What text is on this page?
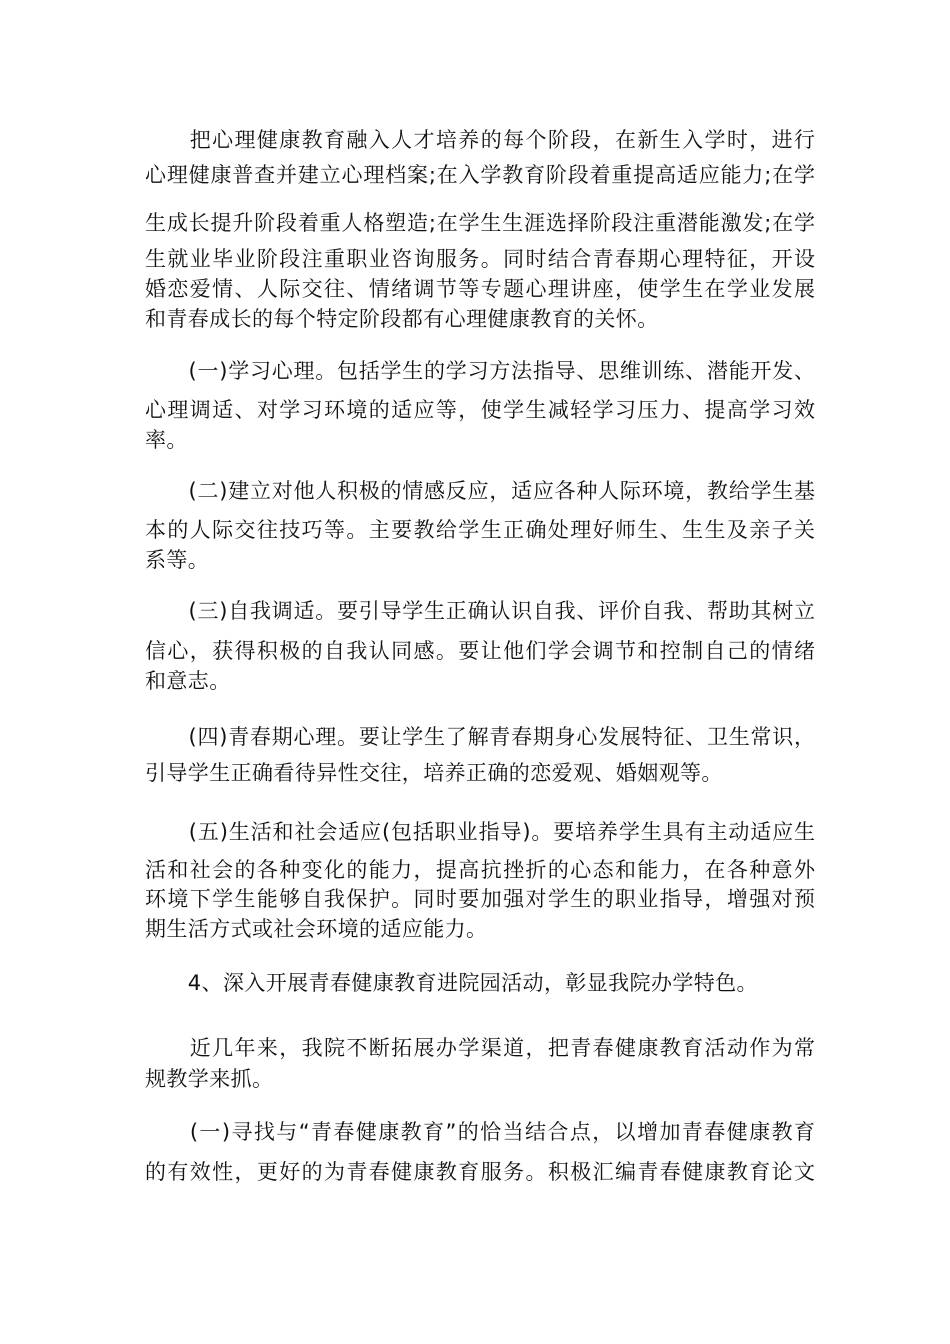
　　把心理健康教育融入人才培养的每个阶段，在新生入学时，进行
心理健康普查并建立心理档案;在入学教育阶段着重提高适应能力;在学
生成长提升阶段着重人格塑造;在学生生涯选择阶段注重潜能激发;在学
生就业毕业阶段注重职业咨询服务。同时结合青春期心理特征，开设
婚恋爱情、人际交往、情绪调节等专题心理讲座，使学生在学业发展
和青春成长的每个特定阶段都有心理健康教育的关怀。
　　(一)学习心理。包括学生的学习方法指导、思维训练、潜能开发、
心理调适、对学习环境的适应等，使学生减轻学习压力、提高学习效
率。
　　(二)建立对他人积极的情感反应，适应各种人际环境，教给学生基
本的人际交往技巧等。主要教给学生正确处理好师生、生生及亲子关
系等。
　　(三)自我调适。要引导学生正确认识自我、评价自我、帮助其树立
信心，获得积极的自我认同感。要让他们学会调节和控制自己的情绪
和意志。
　　(四)青春期心理。要让学生了解青春期身心发展特征、卫生常识，
引导学生正确看待异性交往，培养正确的恋爱观、婚姻观等。
　　(五)生活和社会适应(包括职业指导)。要培养学生具有主动适应生
活和社会的各种变化的能力，提高抗挫折的心态和能力，在各种意外
环境下学生能够自我保护。同时要加强对学生的职业指导，增强对预
期生活方式或社会环境的适应能力。
　　4、深入开展青春健康教育进院园活动，彰显我院办学特色。
　　近几年来，我院不断拓展办学渠道，把青春健康教育活动作为常
规教学来抓。
　　(一)寻找与“青春健康教育”的恰当结合点，以增加青春健康教育
的有效性，更好的为青春健康教育服务。积极汇编青春健康教育论文
